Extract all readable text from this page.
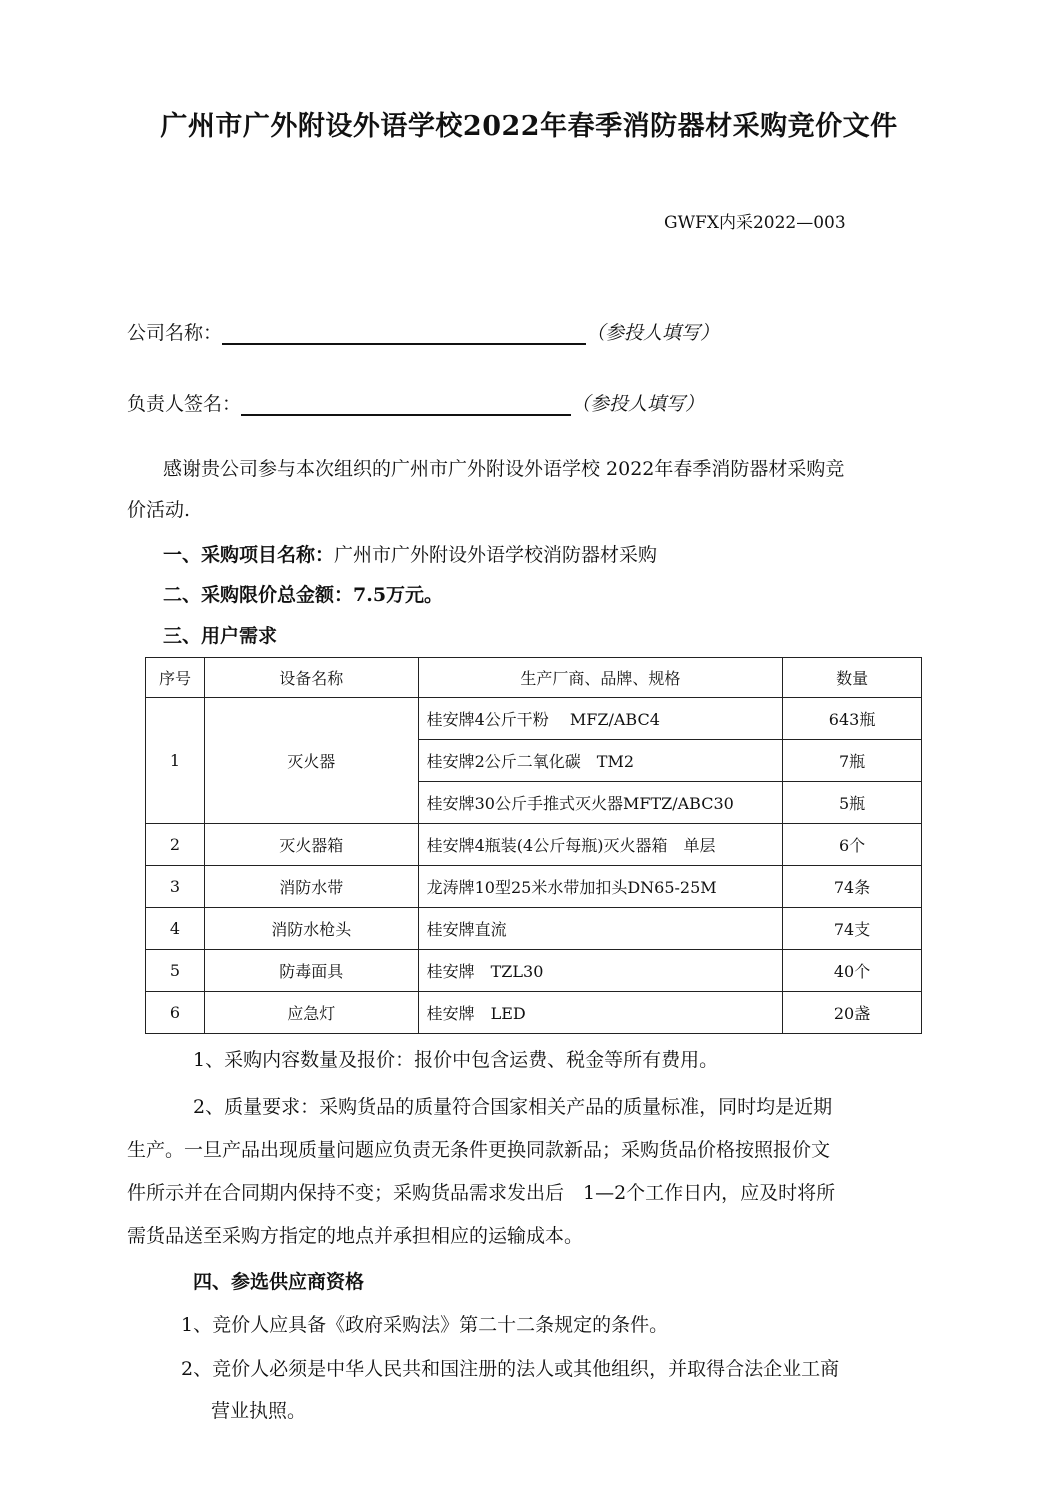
广州市广外附设外语学校2022年春季消防器材采购竞价文件
GWFX内采2022—003
公司名称：	（参投人填写）
负责人签名：	（参投人填写）
感谢贵公司参与本次组织的广州市广外附设外语学校 2022年春季消防器材采购竞
价活动.
一、采购项目名称：广州市广外附设外语学校消防器材采购
二、采购限价总金额：7.5万元。
三、用户需求
序号	设备名称	生产厂商、品牌、规格	数量
1	灭火器	桂安牌4公斤干粉　 MFZ/ABC4	643瓶
		桂安牌2公斤二氧化碳　TM2	7瓶
		桂安牌30公斤手推式灭火器MFTZ/ABC30	5瓶
2	灭火器箱	桂安牌4瓶装(4公斤每瓶)灭火器箱　单层	6个
3	消防水带	龙涛牌10型25米水带加扣头DN65-25M	74条
4	消防水枪头	桂安牌直流	74支
5	防毒面具	桂安牌　TZL30	40个
6	应急灯	桂安牌　LED	20盏
1、采购内容数量及报价：报价中包含运费、税金等所有费用。
2、质量要求：采购货品的质量符合国家相关产品的质量标准，同时均是近期
生产。一旦产品出现质量问题应负责无条件更换同款新品；采购货品价格按照报价文
件所示并在合同期内保持不变；采购货品需求发出后　1—2个工作日内，应及时将所
需货品送至采购方指定的地点并承担相应的运输成本。
四、参选供应商资格
1、竞价人应具备《政府采购法》第二十二条规定的条件。
2、竞价人必须是中华人民共和国注册的法人或其他组织，并取得合法企业工商
营业执照。
